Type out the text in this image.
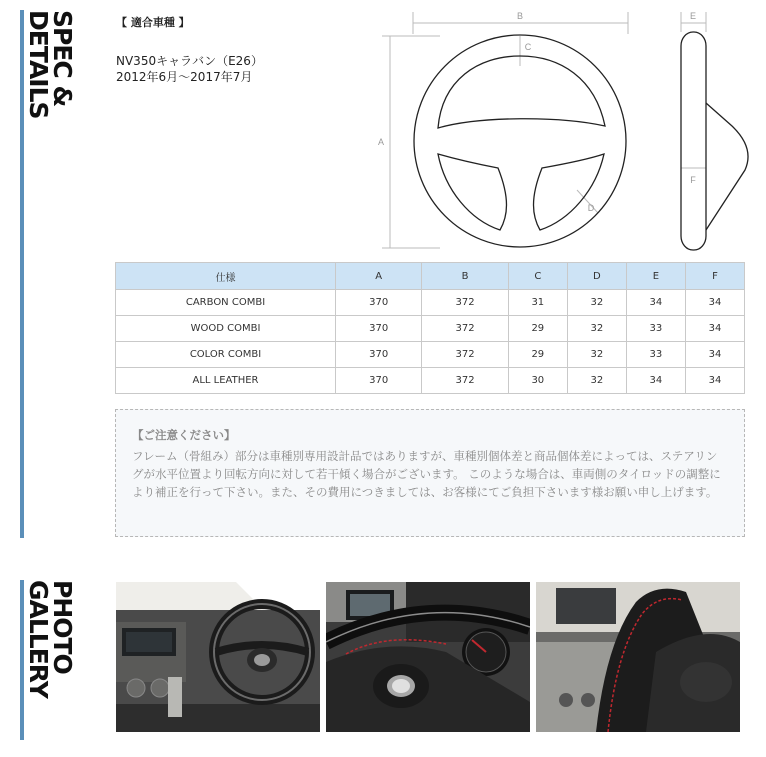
SPEC &
DETAILS	【 適合車種 】
NV350キャラバン（E26）
2012年6月～2017年7月
B
A
C
D
E
F
仕様	A	B	C	D	E	F
CARBON COMBI	370	372	31	32	34	34
WOOD COMBI	370	372	29	32	33	34
COLOR COMBI	370	372	29	32	33	34
ALL LEATHER	370	372	30	32	34	34
【ご注意ください】
フレーム（骨組み）部分は車種別専用設計品ではありますが、車種別個体差と商品個体差によっては、ステアリングが水平位置より回転方向に対して若干傾く場合がございます。 このような場合は、車両側のタイロッドの調整により補正を行って下さい。また、その費用につきましては、お客様にてご負担下さいます様お願い申し上げます。
PHOTO
GALLERY
